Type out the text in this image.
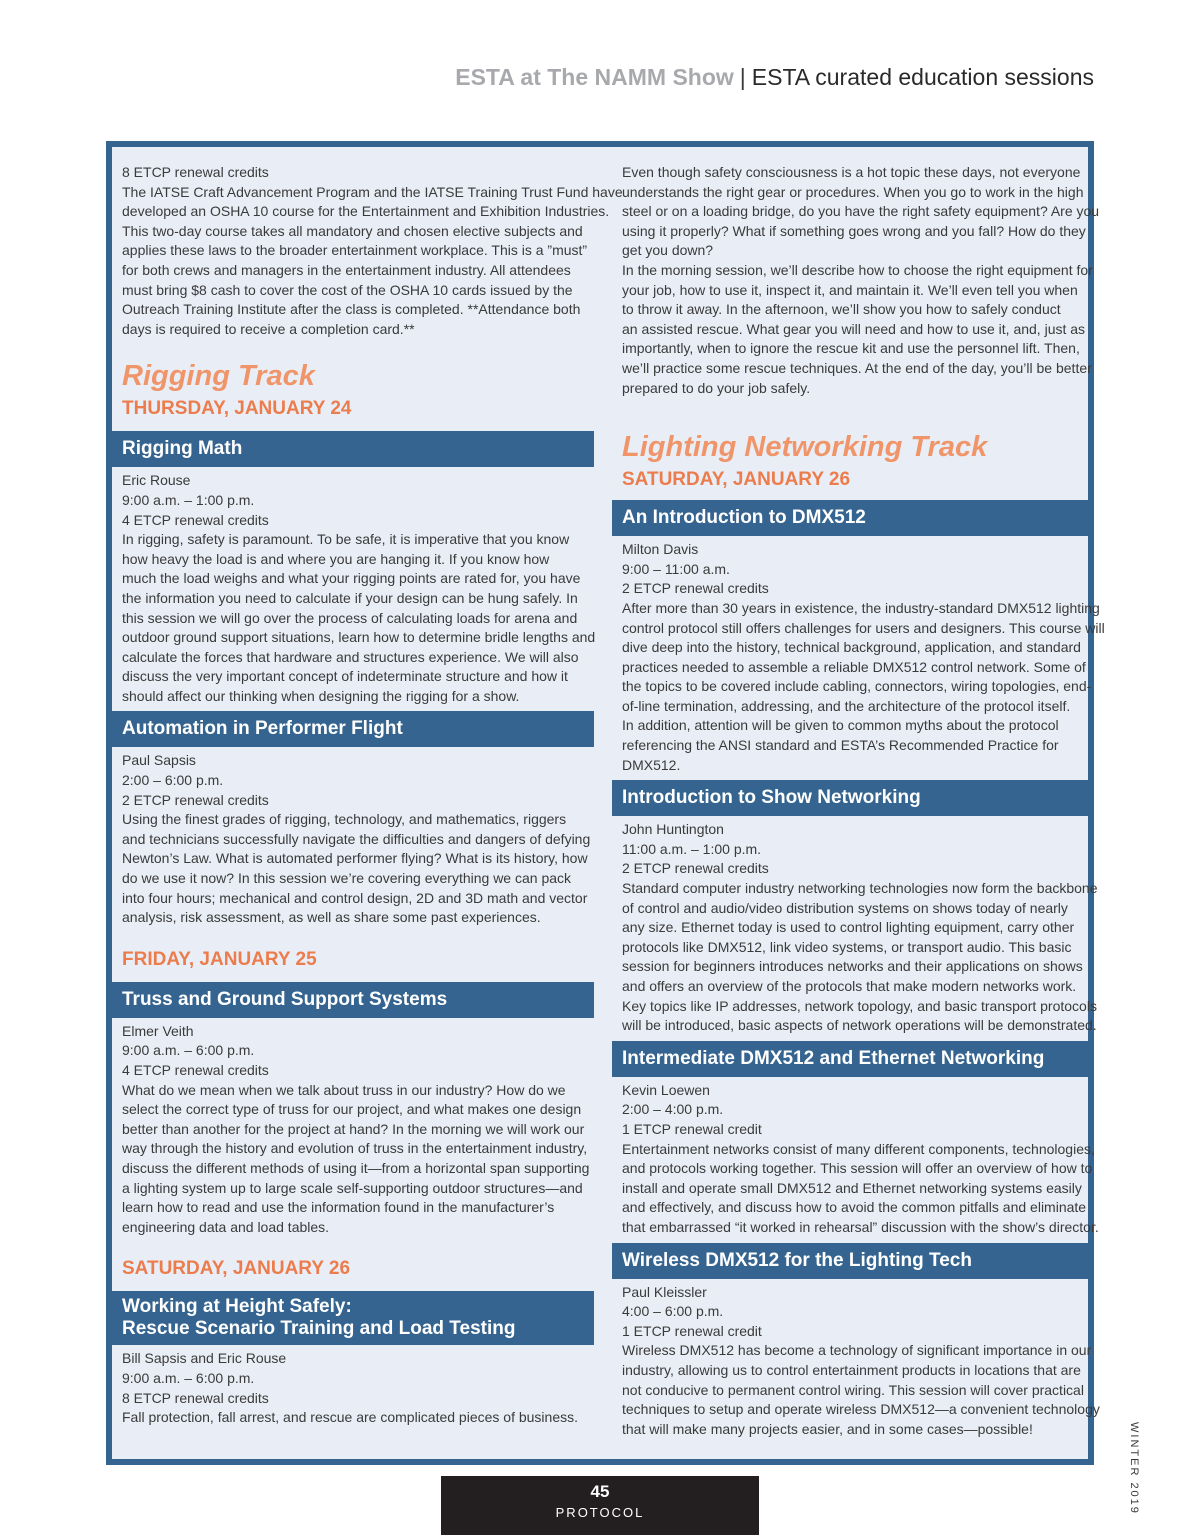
ESTA at The NAMM Show | ESTA curated education sessions

8 ETCP renewal credits

The IATSE Craft Advancement Program and the IATSE Training Trust Fund have

developed an OSHA 10 course for the Entertainment and Exhibition Industries.

This two-day course takes all mandatory and chosen elective subjects and

applies these laws to the broader entertainment workplace. This is a ”must”

for both crews and managers in the entertainment industry. All attendees

must bring $8 cash to cover the cost of the OSHA 10 cards issued by the

Outreach Training Institute after the class is completed. **Attendance both

days is required to receive a completion card.**

Rigging Track
THURSDAY, JANUARY 24
Rigging Math

Eric Rouse

9:00 a.m. – 1:00 p.m.

4 ETCP renewal credits

In rigging, safety is paramount. To be safe, it is imperative that you know

how heavy the load is and where you are hanging it. If you know how

much the load weighs and what your rigging points are rated for, you have

the information you need to calculate if your design can be hung safely. In

this session we will go over the process of calculating loads for arena and

outdoor ground support situations, learn how to determine bridle lengths and

calculate the forces that hardware and structures experience. We will also

discuss the very important concept of indeterminate structure and how it

should affect our thinking when designing the rigging for a show.

Automation in Performer Flight

Paul Sapsis

2:00 – 6:00 p.m.

2 ETCP renewal credits

Using the finest grades of rigging, technology, and mathematics, riggers

and technicians successfully navigate the difficulties and dangers of defying

Newton’s Law. What is automated performer flying? What is its history, how

do we use it now? In this session we’re covering everything we can pack

into four hours; mechanical and control design, 2D and 3D math and vector

analysis, risk assessment, as well as share some past experiences.

FRIDAY, JANUARY 25
Truss and Ground Support Systems

Elmer Veith

9:00 a.m. – 6:00 p.m.

4 ETCP renewal credits

What do we mean when we talk about truss in our industry? How do we

select the correct type of truss for our project, and what makes one design

better than another for the project at hand? In the morning we will work our

way through the history and evolution of truss in the entertainment industry,

discuss the different methods of using it—from a horizontal span supporting

a lighting system up to large scale self-supporting outdoor structures—and

learn how to read and use the information found in the manufacturer’s

engineering data and load tables.

SATURDAY, JANUARY 26
Working at Height Safely:
Rescue Scenario Training and Load Testing

Bill Sapsis and Eric Rouse

9:00 a.m. – 6:00 p.m.

8 ETCP renewal credits

Fall protection, fall arrest, and rescue are complicated pieces of business.

Even though safety consciousness is a hot topic these days, not everyone

understands the right gear or procedures. When you go to work in the high

steel or on a loading bridge, do you have the right safety equipment? Are you

using it properly? What if something goes wrong and you fall? How do they

get you down?

In the morning session, we’ll describe how to choose the right equipment for

your job, how to use it, inspect it, and maintain it. We’ll even tell you when

to throw it away. In the afternoon, we’ll show you how to safely conduct

an assisted rescue. What gear you will need and how to use it, and, just as

importantly, when to ignore the rescue kit and use the personnel lift. Then,

we’ll practice some rescue techniques. At the end of the day, you’ll be better

prepared to do your job safely.

Lighting Networking Track
SATURDAY, JANUARY 26
An Introduction to DMX512

Milton Davis

9:00 – 11:00 a.m.

2 ETCP renewal credits

After more than 30 years in existence, the industry-standard DMX512 lighting

control protocol still offers challenges for users and designers. This course will

dive deep into the history, technical background, application, and standard

practices needed to assemble a reliable DMX512 control network. Some of

the topics to be covered include cabling, connectors, wiring topologies, end-

of-line termination, addressing, and the architecture of the protocol itself.

In addition, attention will be given to common myths about the protocol

referencing the ANSI standard and ESTA’s Recommended Practice for

DMX512.

Introduction to Show Networking

John Huntington

11:00 a.m. – 1:00 p.m.

2 ETCP renewal credits

Standard computer industry networking technologies now form the backbone

of control and audio/video distribution systems on shows today of nearly

any size. Ethernet today is used to control lighting equipment, carry other

protocols like DMX512, link video systems, or transport audio. This basic

session for beginners introduces networks and their applications on shows

and offers an overview of the protocols that make modern networks work.

Key topics like IP addresses, network topology, and basic transport protocols

will be introduced, basic aspects of network operations will be demonstrated.

Intermediate DMX512 and Ethernet Networking

Kevin Loewen

2:00 – 4:00 p.m.

1 ETCP renewal credit

Entertainment networks consist of many different components, technologies,

and protocols working together. This session will offer an overview of how to

install and operate small DMX512 and Ethernet networking systems easily

and effectively, and discuss how to avoid the common pitfalls and eliminate

that embarrassed “it worked in rehearsal” discussion with the show’s director.

Wireless DMX512 for the Lighting Tech

Paul Kleissler

4:00 – 6:00 p.m.

1 ETCP renewal credit

Wireless DMX512 has become a technology of significant importance in our

industry, allowing us to control entertainment products in locations that are

not conducive to permanent control wiring. This session will cover practical

techniques to setup and operate wireless DMX512—a convenient technology

that will make many projects easier, and in some cases—possible!

45
PROTOCOL	WINTER 2019
